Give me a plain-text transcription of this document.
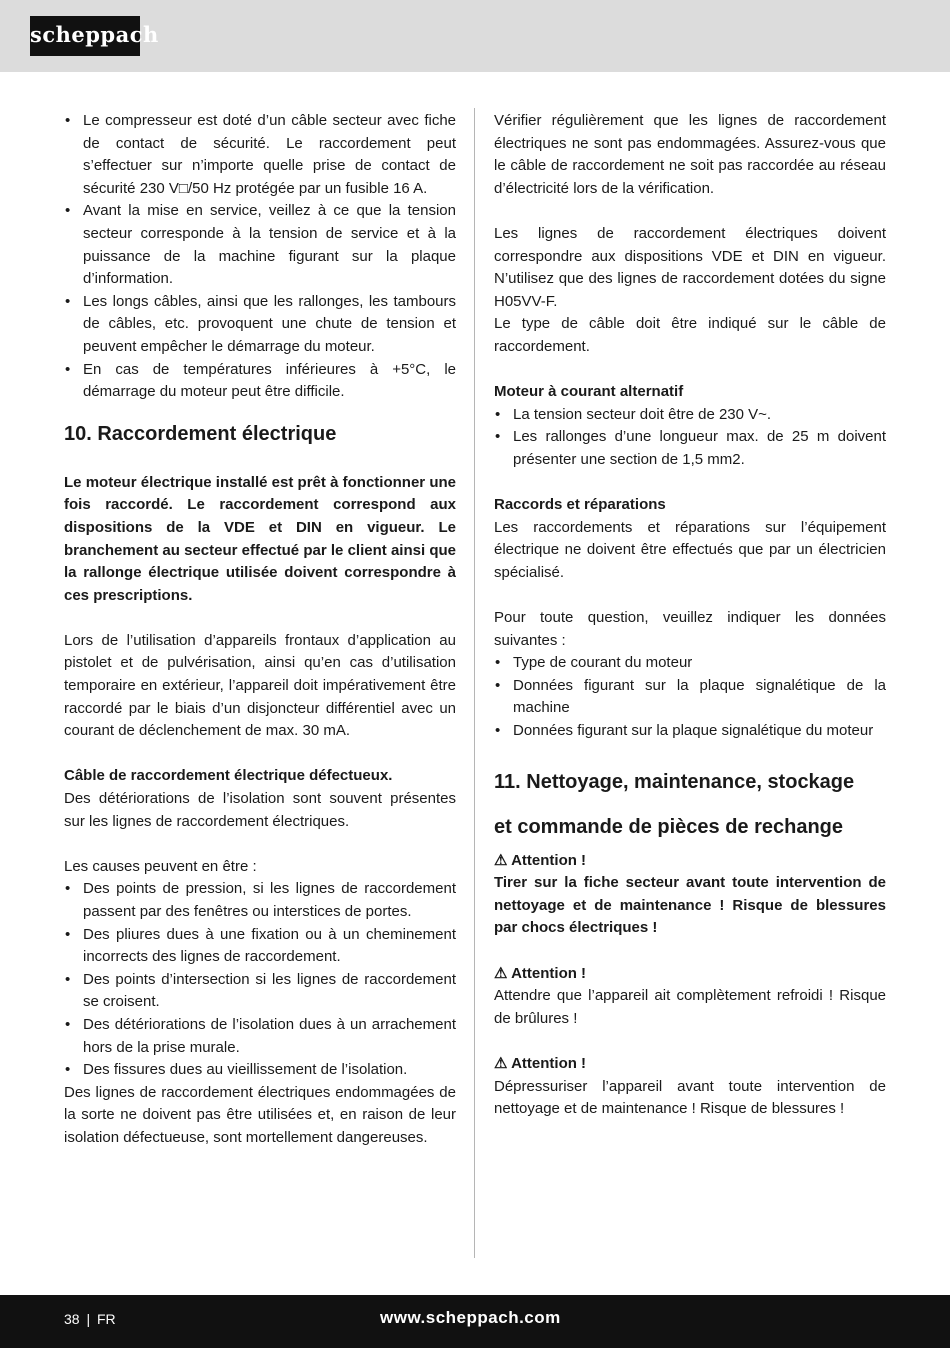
scheppach
• Le compresseur est doté d’un câble secteur avec fiche de contact de sécurité. Le raccordement peut s’effectuer sur n’importe quelle prise de contact de sécurité 230 V□/50 Hz protégée par un fusible 16 A.
• Avant la mise en service, veillez à ce que la tension secteur corresponde à la tension de service et à la puissance de la machine figurant sur la plaque d’information.
• Les longs câbles, ainsi que les rallonges, les tambours de câbles, etc. provoquent une chute de tension et peuvent empêcher le démarrage du moteur.
• En cas de températures inférieures à +5°C, le démarrage du moteur peut être difficile.
10. Raccordement électrique

Le moteur électrique installé est prêt à fonctionner une fois raccordé. Le raccordement correspond aux dispositions de la VDE et DIN en vigueur. Le branchement au secteur effectué par le client ainsi que la rallonge électrique utilisée doivent correspondre à ces prescriptions.

Lors de l’utilisation d’appareils frontaux d’application au pistolet et de pulvérisation, ainsi qu’en cas d’utilisation temporaire en extérieur, l’appareil doit impérativement être raccordé par le biais d’un disjoncteur différentiel avec un courant de déclenchement de max. 30 mA.

Câble de raccordement électrique défectueux.

Des détériorations de l’isolation sont souvent présentes sur les lignes de raccordement électriques.

Les causes peuvent en être :

• Des points de pression, si les lignes de raccordement passent par des fenêtres ou interstices de portes.
• Des pliures dues à une fixation ou à un cheminement incorrects des lignes de raccordement.
• Des points d’intersection si les lignes de raccordement se croisent.
• Des détériorations de l’isolation dues à un arrachement hors de la prise murale.
• Des fissures dues au vieillissement de l’isolation.

Des lignes de raccordement électriques endommagées de la sorte ne doivent pas être utilisées et, en raison de leur isolation défectueuse, sont mortellement dangereuses.

Vérifier régulièrement que les lignes de raccordement électriques ne sont pas endommagées. Assurez-vous que le câble de raccordement ne soit pas raccordée au réseau d’électricité lors de la vérification.

Les lignes de raccordement électriques doivent correspondre aux dispositions VDE et DIN en vigueur. N’utilisez que des lignes de raccordement dotées du signe H05VV-F.

Le type de câble doit être indiqué sur le câble de raccordement.

Moteur à courant alternatif

• La tension secteur doit être de 230 V~.
• Les rallonges d’une longueur max. de 25 m doivent présenter une section de 1,5 mm2.

Raccords et réparations

Les raccordements et réparations sur l’équipement électrique ne doivent être effectués que par un électricien spécialisé.

Pour toute question, veuillez indiquer les données suivantes :

• Type de courant du moteur
• Données figurant sur la plaque signalétique de la machine
• Données figurant sur la plaque signalétique du moteur
11. Nettoyage, maintenance, stockage
et commande de pièces de rechange

⚠ Attention !

Tirer sur la fiche secteur avant toute intervention de nettoyage et de maintenance ! Risque de blessures par chocs électriques !

⚠ Attention !

Attendre que l’appareil ait complètement refroidi ! Risque de brûlures !

⚠ Attention !

Dépressuriser l’appareil avant toute intervention de nettoyage et de maintenance ! Risque de blessures !

38 | FR	www.scheppach.com
